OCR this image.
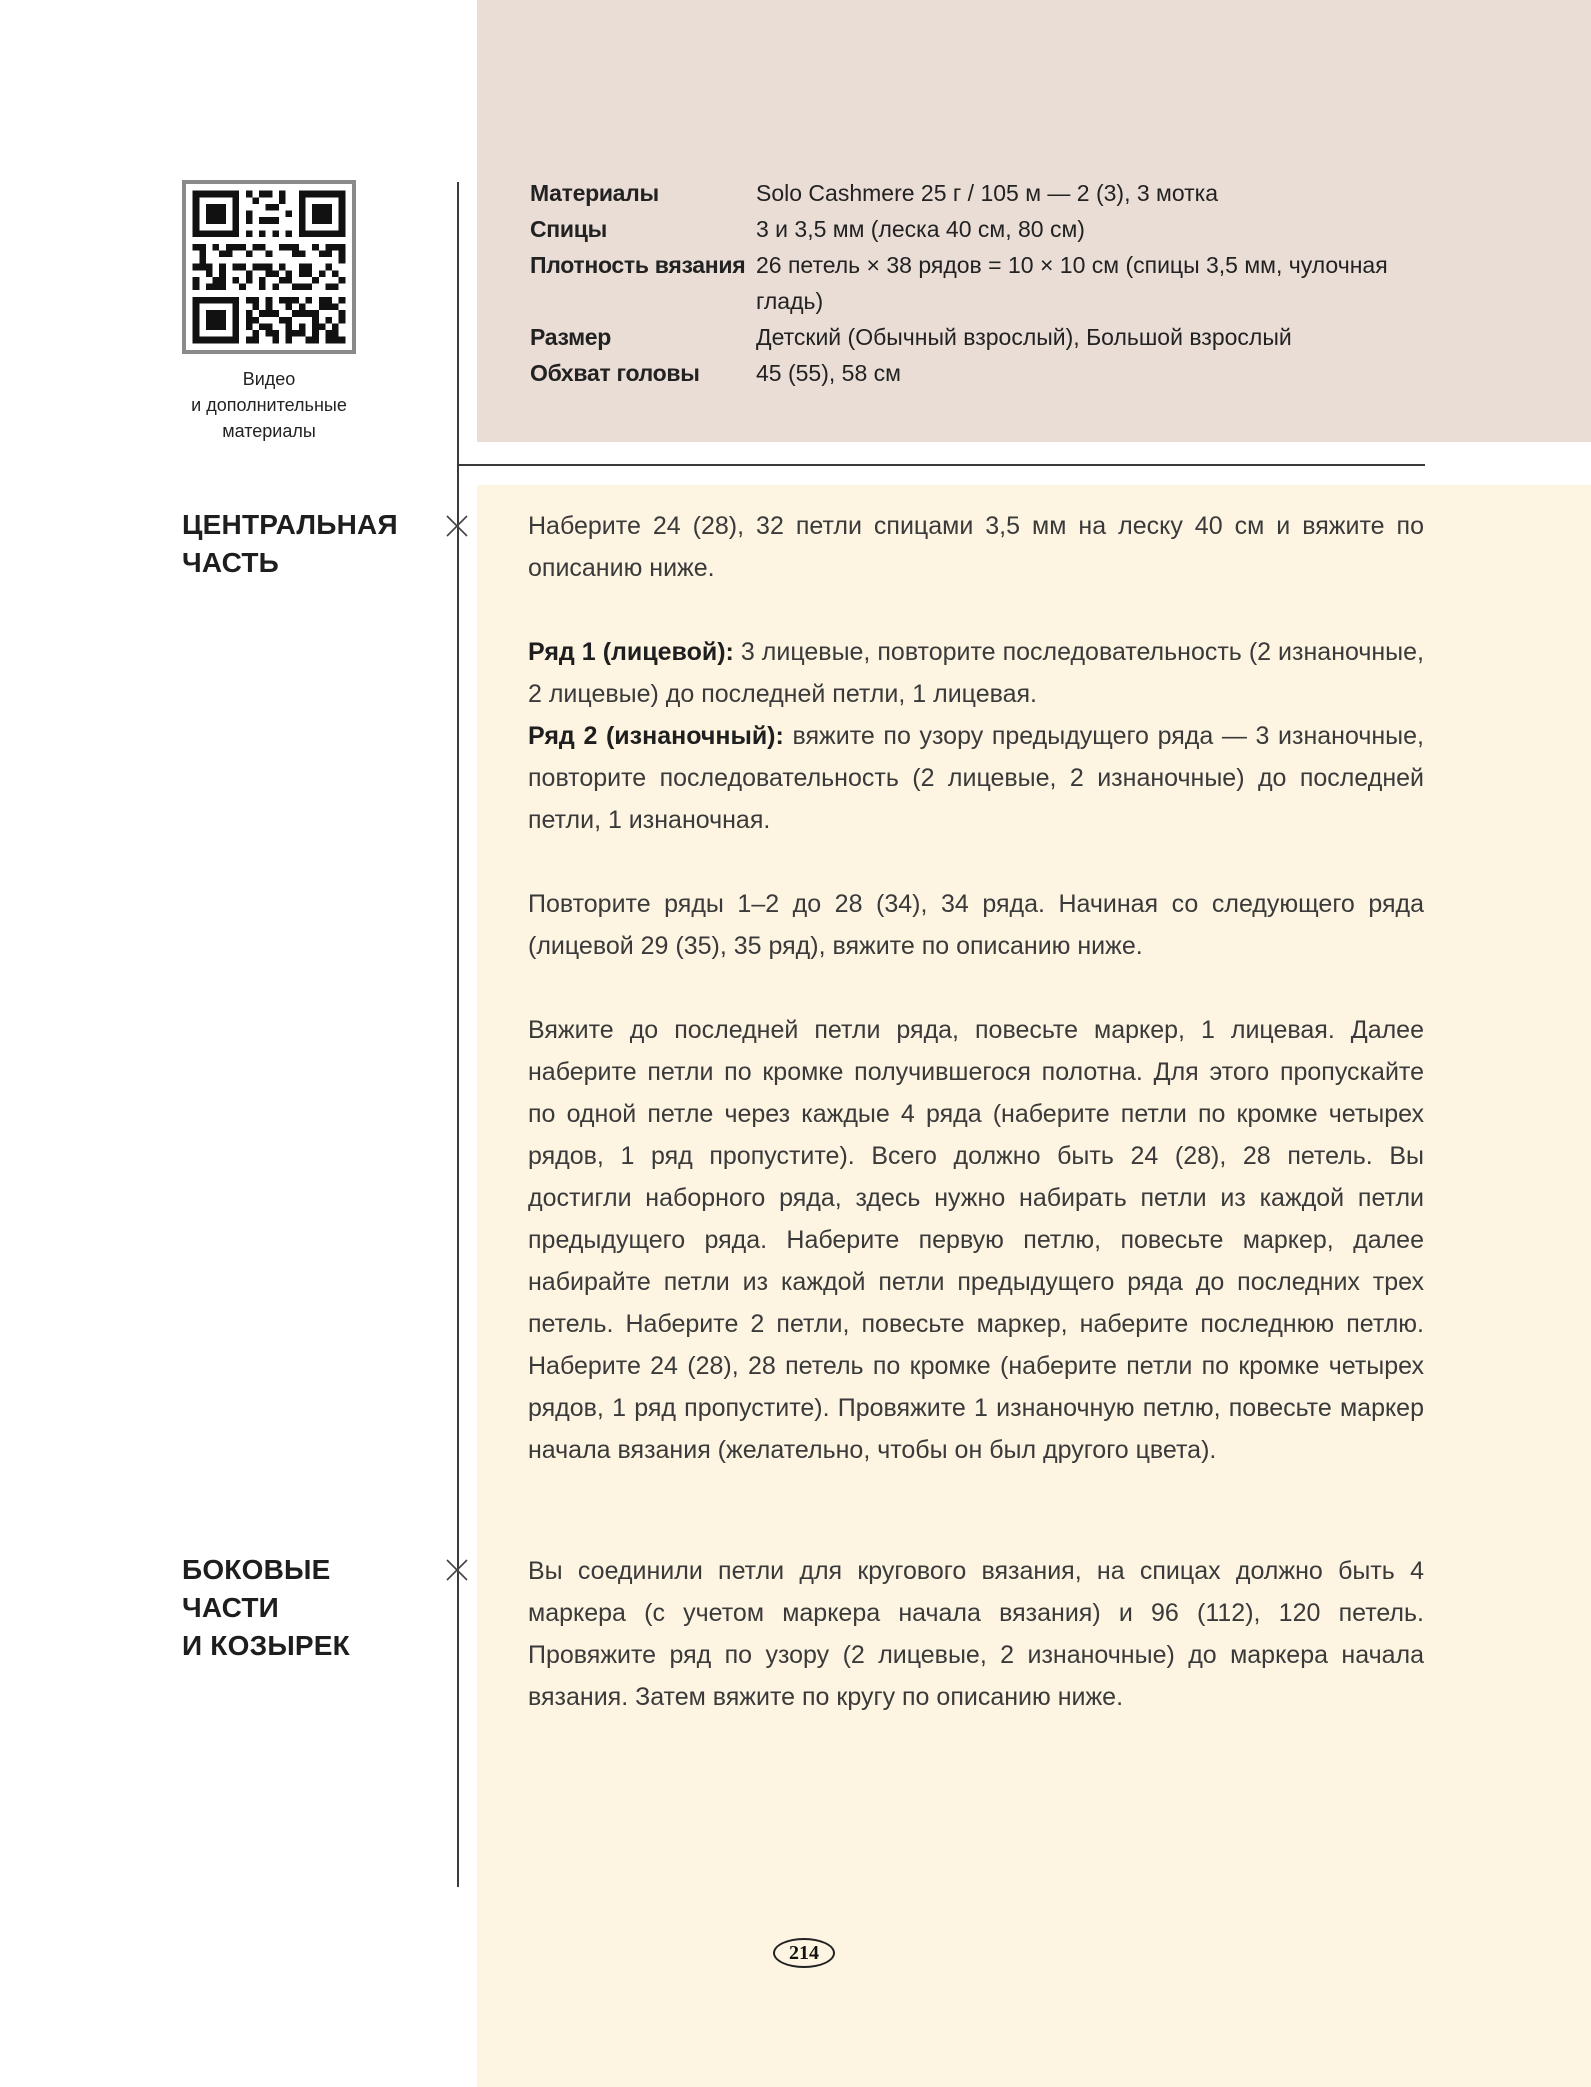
Видео
и дополнительные
материалы
Материалы	Solo Cashmere 25 г / 105 м — 2 (3), 3 мотка
Спицы	3 и 3,5 мм (леска 40 см, 80 см)
Плотность вязания 26 петель × 38 рядов = 10 × 10 см (спицы 3,5 мм, чулочная гладь)
Размер	Детский (Обычный взрослый), Большой взрослый
Обхват головы	45 (55), 58 см
ЦЕНТРАЛЬНАЯ
ЧАСТЬ

Наберите 24 (28), 32 петли спицами 3,5 мм на леску 40 см и вяжите по описанию ниже.

Ряд 1 (лицевой): 3 лицевые, повторите последовательность (2 изнаночные, 2 лицевые) до последней петли, 1 лицевая.

Ряд 2 (изнаночный): вяжите по узору предыдущего ряда — 3 изнаночные, повторите последовательность (2 лицевые, 2 изнаночные) до последней петли, 1 изнаночная.

Повторите ряды 1–2 до 28 (34), 34 ряда. Начиная со следующего ряда (лицевой 29 (35), 35 ряд), вяжите по описанию ниже.

Вяжите до последней петли ряда, повесьте маркер, 1 лицевая. Далее наберите петли по кромке получившегося полотна. Для этого пропускайте по одной петле через каждые 4 ряда (наберите петли по кромке четырех рядов, 1 ряд пропустите). Всего должно быть 24 (28), 28 петель. Вы достигли наборного ряда, здесь нужно набирать петли из каждой петли предыдущего ряда. Наберите первую петлю, повесьте маркер, далее набирайте петли из каждой петли предыдущего ряда до последних трех петель. Наберите 2 петли, повесьте маркер, наберите последнюю петлю. Наберите 24 (28), 28 петель по кромке (наберите петли по кромке четырех рядов, 1 ряд пропустите). Провяжите 1 изнаночную петлю, повесьте маркер начала вязания (желательно, чтобы он был другого цвета).

БОКОВЫЕ ЧАСТИ
И КОЗЫРЕК

Вы соединили петли для кругового вязания, на спицах должно быть 4 маркера (с учетом маркера начала вязания) и 96 (112), 120 петель. Провяжите ряд по узору (2 лицевые, 2 изнаночные) до маркера начала вязания. Затем вяжите по кругу по описанию ниже.

214
